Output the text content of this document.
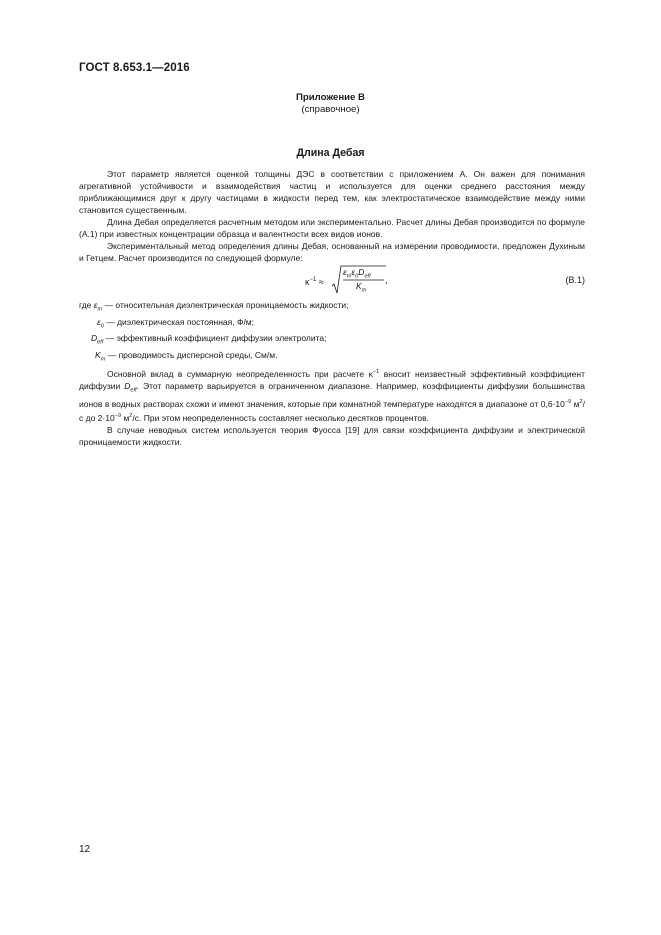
ГОСТ 8.653.1—2016
Приложение В
(справочное)
Длина Дебая

Этот параметр является оценкой толщины ДЭС в соответствии с приложением А. Он важен для понимания агрегативной устойчивости и взаимодействия частиц и используется для оценки среднего расстояния между приближающимися друг к другу частицами в жидкости перед тем, как электростатическое взаимодействие между ними становится существенным.

Длина Дебая определяется расчетным методом или экспериментально. Расчет длины Дебая производится по формуле (А.1) при известных концентрации образца и валентности всех видов ионов.

Экспериментальный метод определения длины Дебая, основанный на измерении проводимости, предложен Духиным и Гетцем. Расчет производится по следующей формуле:

$\kappa^{-1}$ ≈
$\varepsilon_m\varepsilon_0D_{eff}$
$K_m$
,	(В.1)

где $\varepsilon_m$ — относительная диэлектрическая проницаемость жидкости;

$\varepsilon_0$ — диэлектрическая постоянная, Ф/м;

$D_{eff}$ — эффективный коэффициент диффузии электролита;

$K_m$ — проводимость дисперсной среды, См/м.

Основной вклад в суммарную неопределенность при расчете $\kappa^{-1}$ вносит неизвестный эффективный коэффициент диффузии $D_{eff}$. Этот параметр варьируется в ограниченном диапазоне. Например, коэффициенты диффузии большинства ионов в водных растворах схожи и имеют значения, которые при комнатной температуре находятся в диапазоне от $0,6\cdot 10^{-9}$ $м^2/с$ до $2\cdot 10^{-9}$ $м^2/с$. При этом неопределенность составляет несколько десятков процентов.

В случае неводных систем используется теория Фуосса [19] для связи коэффициента диффузии и электрической проницаемости жидкости.

12
